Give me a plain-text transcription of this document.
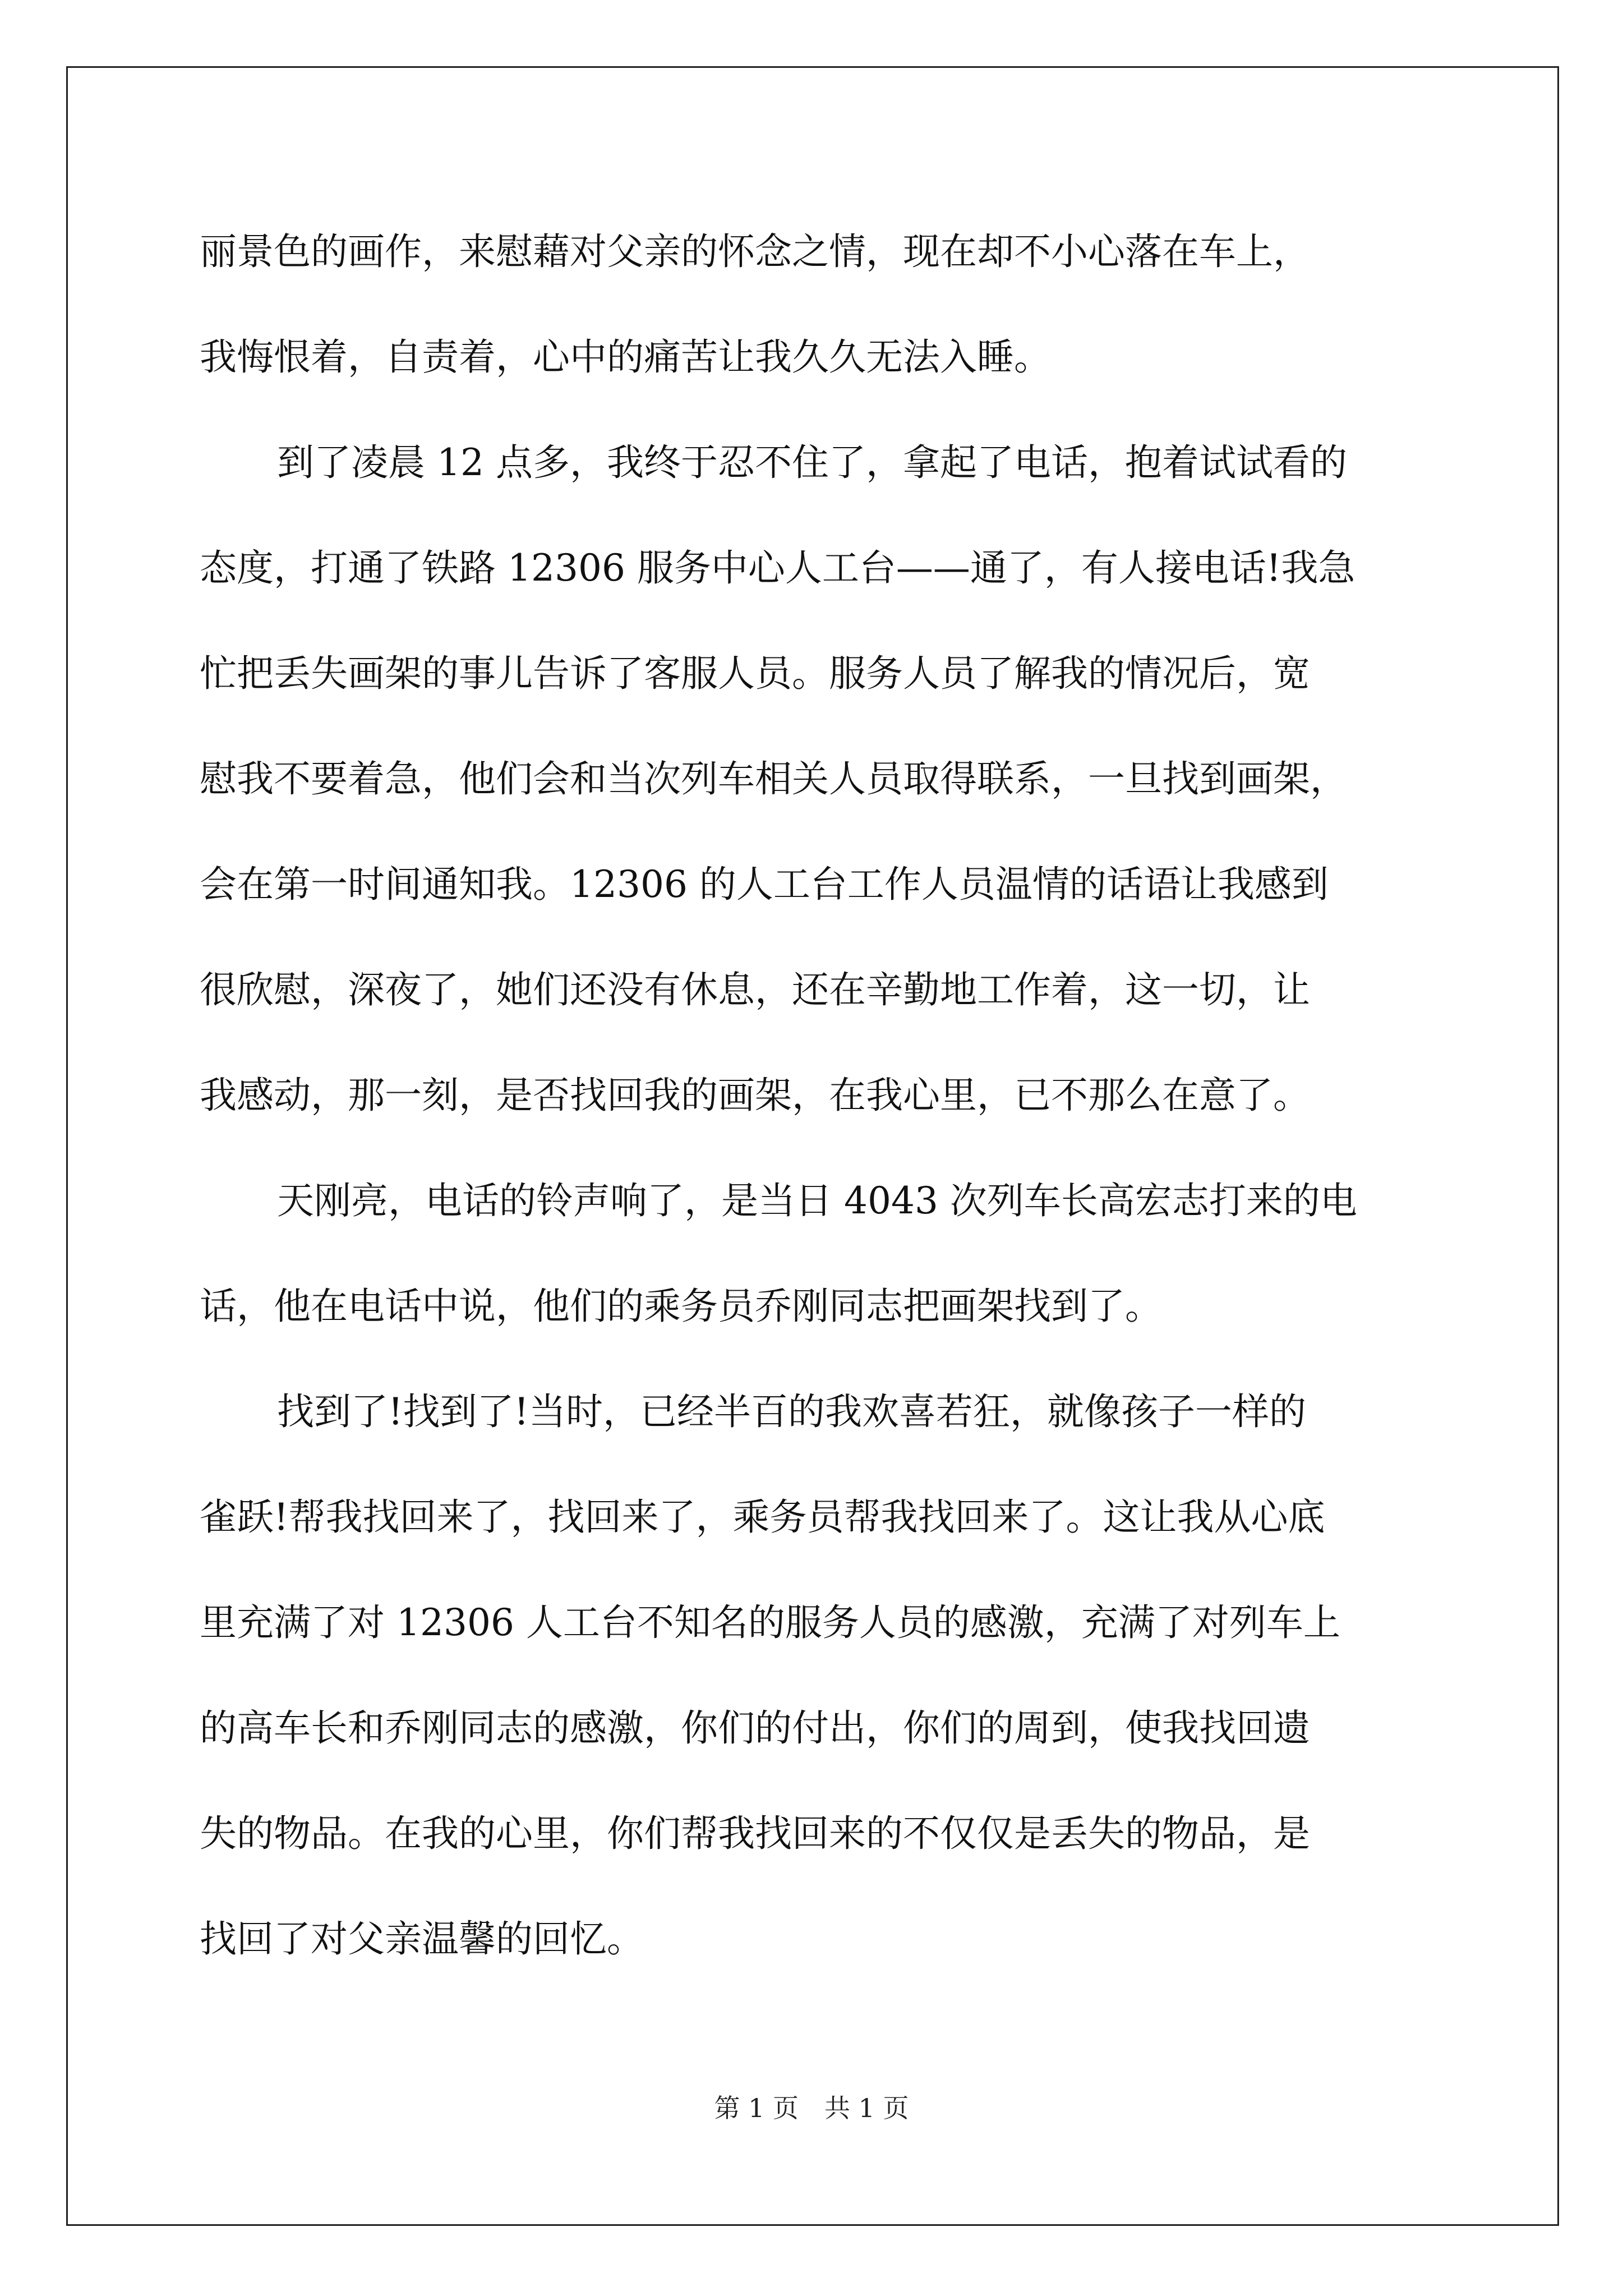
丽景色的画作，来慰藉对父亲的怀念之情，现在却不小心落在车上，
我悔恨着，自责着，心中的痛苦让我久久无法入睡。
到了凌晨 12 点多，我终于忍不住了，拿起了电话，抱着试试看的
态度，打通了铁路 12306 服务中心人工台——通了，有人接电话!我急
忙把丢失画架的事儿告诉了客服人员。服务人员了解我的情况后，宽
慰我不要着急，他们会和当次列车相关人员取得联系，一旦找到画架，
会在第一时间通知我。12306 的人工台工作人员温情的话语让我感到
很欣慰，深夜了，她们还没有休息，还在辛勤地工作着，这一切，让
我感动，那一刻，是否找回我的画架，在我心里，已不那么在意了。
天刚亮，电话的铃声响了，是当日 4043 次列车长高宏志打来的电
话，他在电话中说，他们的乘务员乔刚同志把画架找到了。
找到了!找到了!当时，已经半百的我欢喜若狂，就像孩子一样的
雀跃!帮我找回来了，找回来了，乘务员帮我找回来了。这让我从心底
里充满了对 12306 人工台不知名的服务人员的感激，充满了对列车上
的高车长和乔刚同志的感激，你们的付出，你们的周到，使我找回遗
失的物品。在我的心里，你们帮我找回来的不仅仅是丢失的物品，是
找回了对父亲温馨的回忆。
第 1 页　共 1 页
